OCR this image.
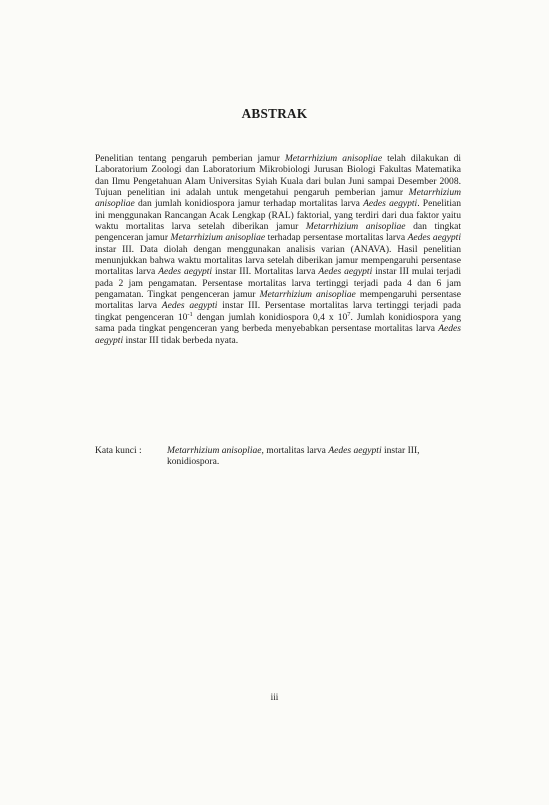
ABSTRAK

Penelitian tentang pengaruh pemberian jamur Metarrhizium anisopliae telah dilakukan di Laboratorium Zoologi dan Laboratorium Mikrobiologi Jurusan Biologi Fakultas Matematika dan Ilmu Pengetahuan Alam Universitas Syiah Kuala dari bulan Juni sampai Desember 2008. Tujuan penelitian ini adalah untuk mengetahui pengaruh pemberian jamur Metarrhizium anisopliae dan jumlah konidiospora jamur terhadap mortalitas larva Aedes aegypti. Penelitian ini menggunakan Rancangan Acak Lengkap (RAL) faktorial, yang terdiri dari dua faktor yaitu waktu mortalitas larva setelah diberikan jamur Metarrhizium anisopliae dan tingkat pengenceran jamur Metarrhizium anisopliae terhadap persentase mortalitas larva Aedes aegypti instar III. Data diolah dengan menggunakan analisis varian (ANAVA). Hasil penelitian menunjukkan bahwa waktu mortalitas larva setelah diberikan jamur mempengaruhi persentase mortalitas larva Aedes aegypti instar III. Mortalitas larva Aedes aegypti instar III mulai terjadi pada 2 jam pengamatan. Persentase mortalitas larva tertinggi terjadi pada 4 dan 6 jam pengamatan. Tingkat pengenceran jamur Metarrhizium anisopliae mempengaruhi persentase mortalitas larva Aedes aegypti instar III. Persentase mortalitas larva tertinggi terjadi pada tingkat pengenceran $10^{-1}$ dengan jumlah konidiospora 0,4 x $10^7$. Jumlah konidiospora yang sama pada tingkat pengenceran yang berbeda menyebabkan persentase mortalitas larva Aedes aegypti instar III tidak berbeda nyata.

Kata kunci :	Metarrhizium anisopliae, mortalitas larva Aedes aegypti instar III, konidiospora.
iii
